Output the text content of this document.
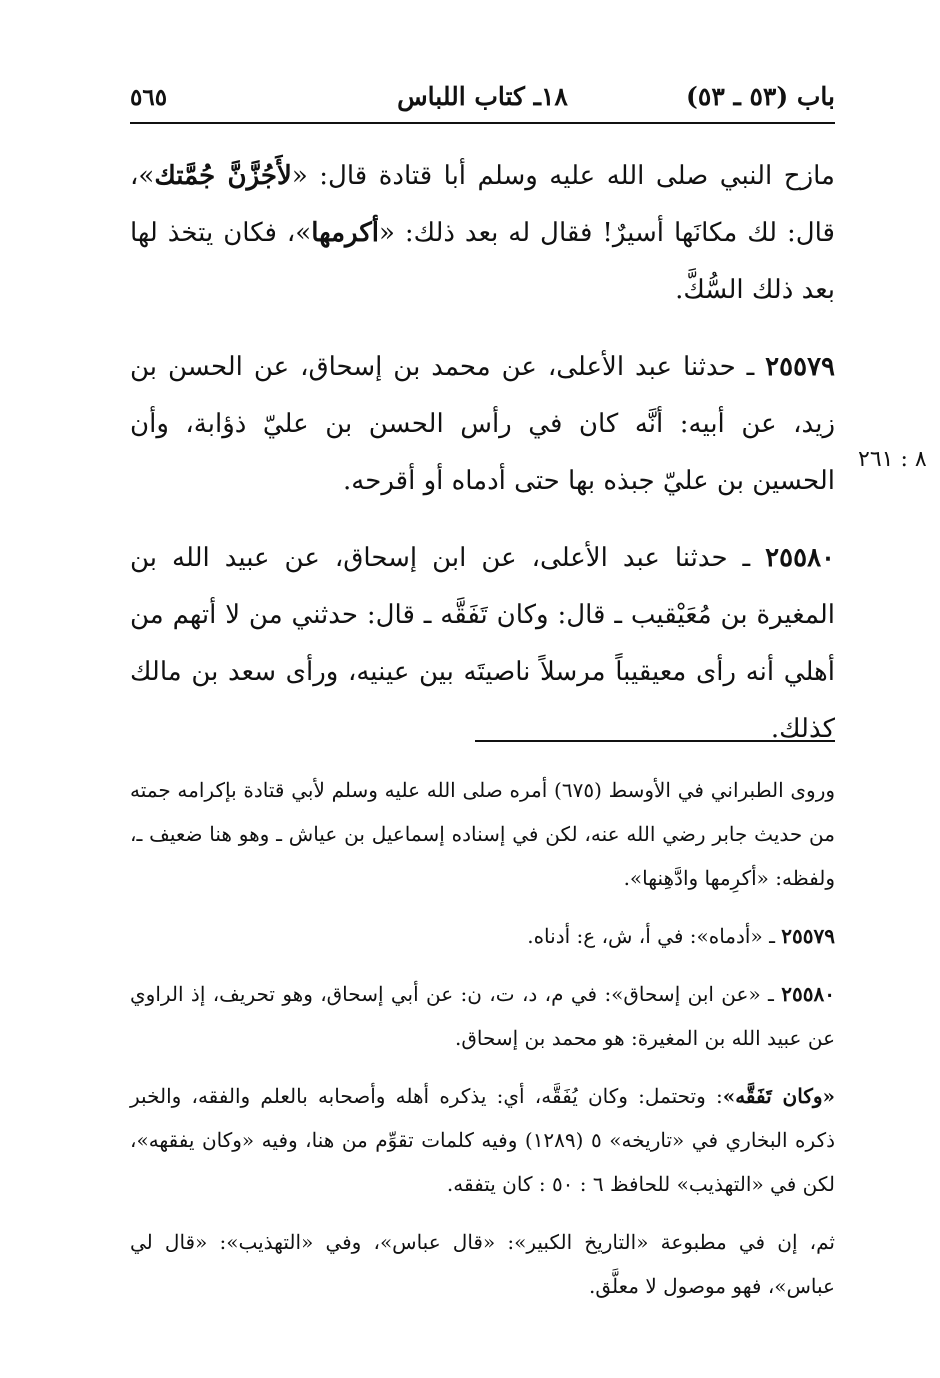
باب (٥٣ ـ ٥٣)
١٨ـ كتاب اللباس
٥٦٥

مازح النبي صلى الله عليه وسلم أبا قتادة قال: «لأَجُزَّنَّ جُمَّتك»، قال: لك مكانَها أسيرٌ! فقال له بعد ذلك: «أكرمها»، فكان يتخذ لها بعد ذلك السُّكَّ.

٢٥٥٧٩ ـ حدثنا عبد الأعلى، عن محمد بن إسحاق، عن الحسن بن زيد، عن أبيه: أنَّه كان في رأس الحسن بن عليّ ذؤابة، وأن الحسين بن عليّ جبذه بها حتى أدماه أو أقرحه.

٢٥٥٨٠ ـ حدثنا عبد الأعلى، عن ابن إسحاق، عن عبيد الله بن المغيرة بن مُعَيْقيب ـ قال: وكان تَفَقَّه ـ قال: حدثني من لا أتهم من أهلي أنه رأى معيقيباً مرسلاً ناصيتَه بين عينيه، ورأى سعد بن مالك كذلك.

٨ : ٢٦١

وروى الطبراني في الأوسط (٦٧٥) أمره صلى الله عليه وسلم لأبي قتادة بإكرامه جمته من حديث جابر رضي الله عنه، لكن في إسناده إسماعيل بن عياش ـ وهو هنا ضعيف ـ، ولفظه: «أكرِمها وادَّهِنها».

٢٥٥٧٩ ـ «أدماه»: في أ، ش، ع: أدناه.

٢٥٥٨٠ ـ «عن ابن إسحاق»: في م، د، ت، ن: عن أبي إسحاق، وهو تحريف، إذ الراوي عن عبيد الله بن المغيرة: هو محمد بن إسحاق.

«وكان تَفَقَّه»: وتحتمل: وكان يُفَقَّه، أي: يذكره أهله وأصحابه بالعلم والفقه، والخبر ذكره البخاري في «تاريخه» ٥ (١٢٨٩) وفيه كلمات تقوِّم من هنا، وفيه «وكان يفقهه»، لكن في «التهذيب» للحافظ ٦ : ٥٠ : كان يتفقه.

ثم، إن في مطبوعة «التاريخ الكبير»: «قال عباس»، وفي «التهذيب»: «قال لي عباس»، فهو موصول لا معلَّق.
